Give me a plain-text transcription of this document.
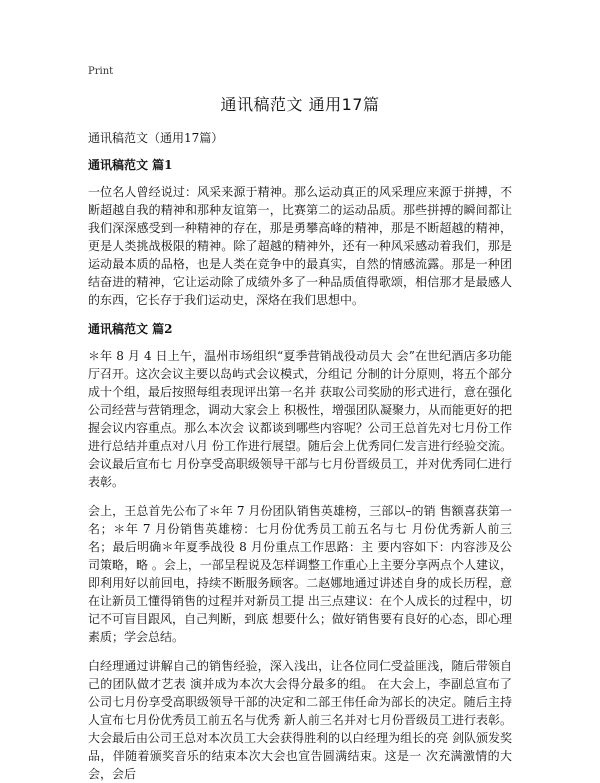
Print
通讯稿范文 通用17篇

通讯稿范文（通用17篇）

通讯稿范文 篇1

一位名人曾经说过：风采来源于精神。那么运动真正的风采理应来源于拼搏，不断超越自我的精神和那种友谊第一，比赛第二的运动品质。那些拼搏的瞬间都让我们深深感受到一种精神的存在，那是勇攀高峰的精神，那是不断超越的精神，更是人类挑战极限的精神。除了超越的精神外，还有一种风采感动着我们，那是运动最本质的品格，也是人类在竞争中的最真实，自然的情感流露。那是一种团结奋进的精神，它让运动除了成绩外多了一种品质值得歌颂，相信那才是最感人的东西，它长存于我们运动史，深烙在我们思想中。

通讯稿范文 篇2

＊年 8 月 4 日上午，温州市场组织“夏季营销战役动员大 会”在世纪酒店多功能厅召开。这次会议主要以岛屿式会议模式，分组记 分制的计分原则，将五个部分成十个组，最后按照每组表现评出第一名并 获取公司奖励的形式进行，意在强化公司经营与营销理念，调动大家会上 积极性，增强团队凝聚力，从而能更好的把握会议内容重点。那么本次会 议都谈到哪些内容呢？公司王总首先对七月份工作进行总结并重点对八月 份工作进行展望。随后会上优秀同仁发言进行经验交流。会议最后宣布七 月份享受高职级领导干部与七月份晋级员工，并对优秀同仁进行表彰。

会上，王总首先公布了＊年 7 月份团队销售英雄榜，三部以–的销 售额喜获第一名；＊年 7 月份销售英雄榜：七月份优秀员工前五名与七 月份优秀新人前三名；最后明确＊年夏季战役 8 月份重点工作思路：主 要内容如下：内容涉及公司策略，略 。会上，一部呈程说及怎样调整工作重心上主要分享两点个人建议，即利用好以前回电，持续不断服务顾客。二赵娜地通过讲述自身的成长历程，意在让新员工懂得销售的过程并对新员工提 出三点建议：在个人成长的过程中，切记不可盲目跟风，自己判断，到底 想要什么；做好销售要有良好的心态，即心理素质；学会总结。

白经理通过讲解自己的销售经验，深入浅出，让各位同仁受益匪浅，随后带领自己的团队做才艺表 演并成为本次大会得分最多的组。 在大会上，李副总宣布了公司七月份享受高职级领导干部的决定和二部王伟任命为部长的决定。随后主持人宣布七月份优秀员工前五名与优秀 新人前三名并对七月份晋级员工进行表彰。 大会最后由公司王总对本次员工大会获得胜利的以白经理为组长的亮 剑队颁发奖品，伴随着颁奖音乐的结束本次大会也宣告圆满结束。这是一 次充满激情的大会，会后
